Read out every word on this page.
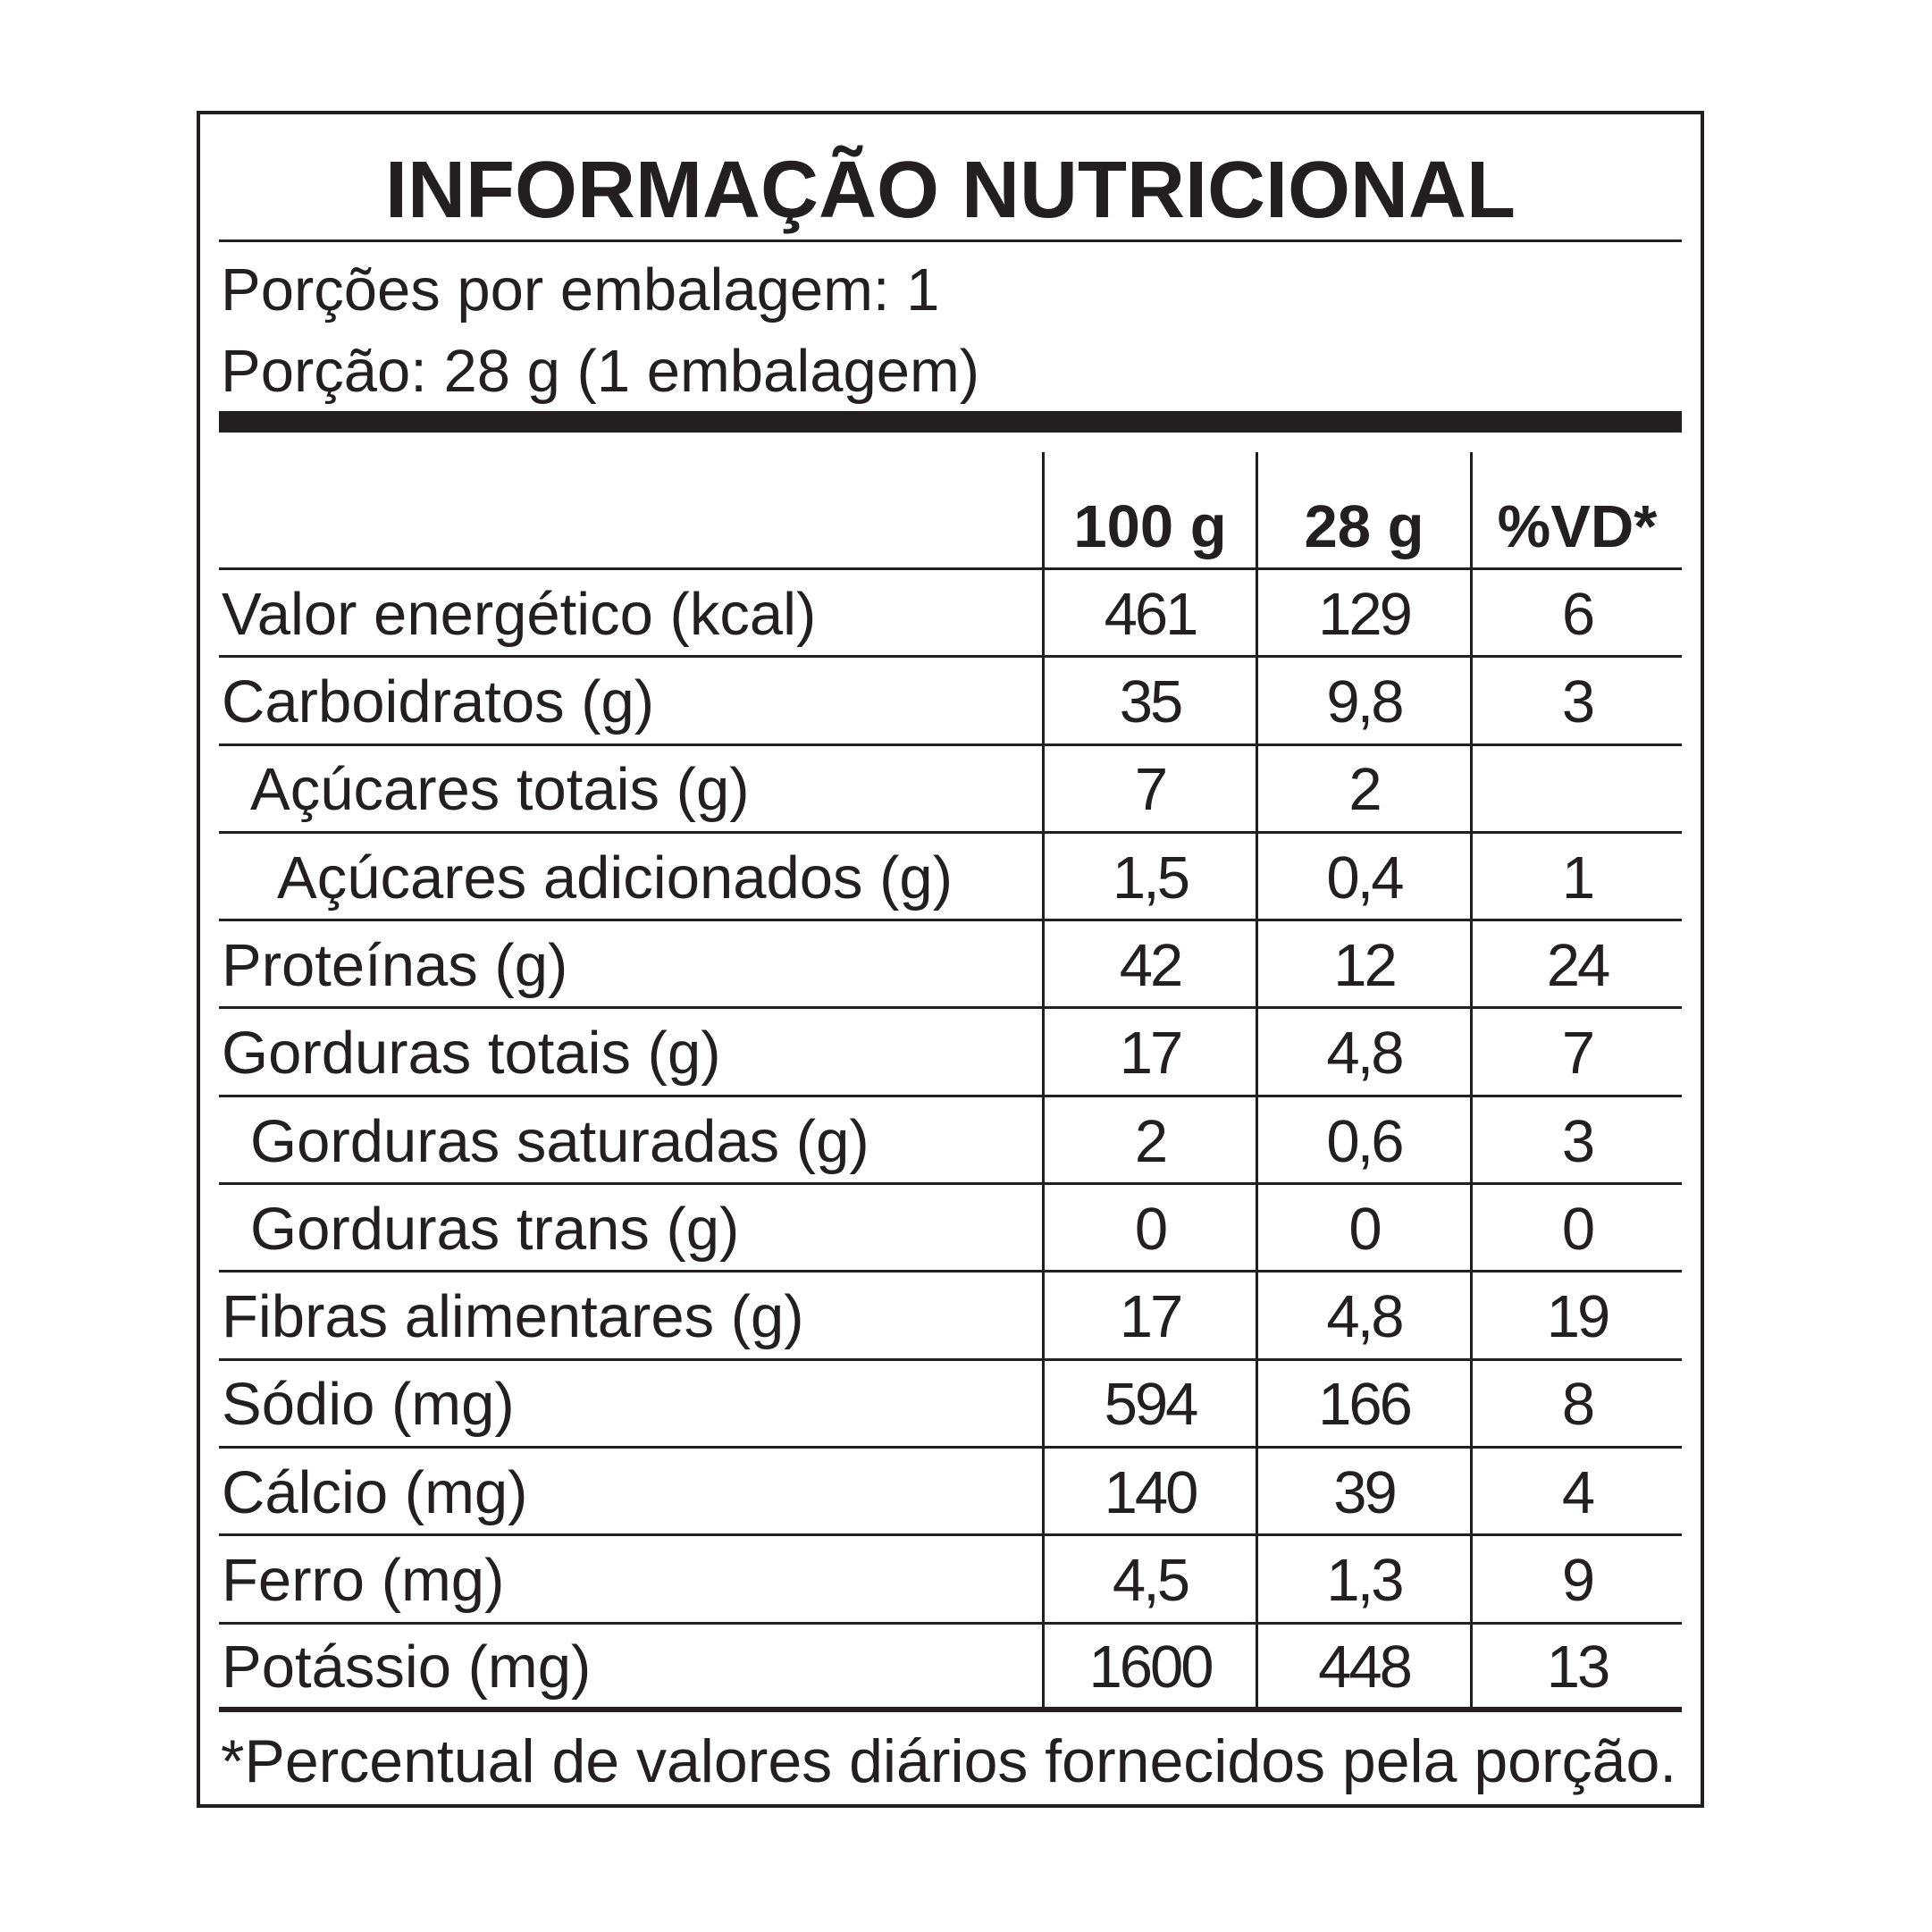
INFORMAÇÃO NUTRICIONAL
Porções por embalagem: 1
Porção: 28 g (1 embalagem)
100 g	28 g	%VD*
Valor energético (kcal)	461	129	6
Carboidratos (g)	35	9,8	3
Açúcares totais (g)	7	2
Açúcares adicionados (g)	1,5	0,4	1
Proteínas (g)	42	12	24
Gorduras totais (g)	17	4,8	7
Gorduras saturadas (g)	2	0,6	3
Gorduras trans (g)	0	0	0
Fibras alimentares (g)	17	4,8	19
Sódio (mg)	594	166	8
Cálcio (mg)	140	39	4
Ferro (mg)	4,5	1,3	9
Potássio (mg)	1600	448	13
*Percentual de valores diários fornecidos pela porção.
